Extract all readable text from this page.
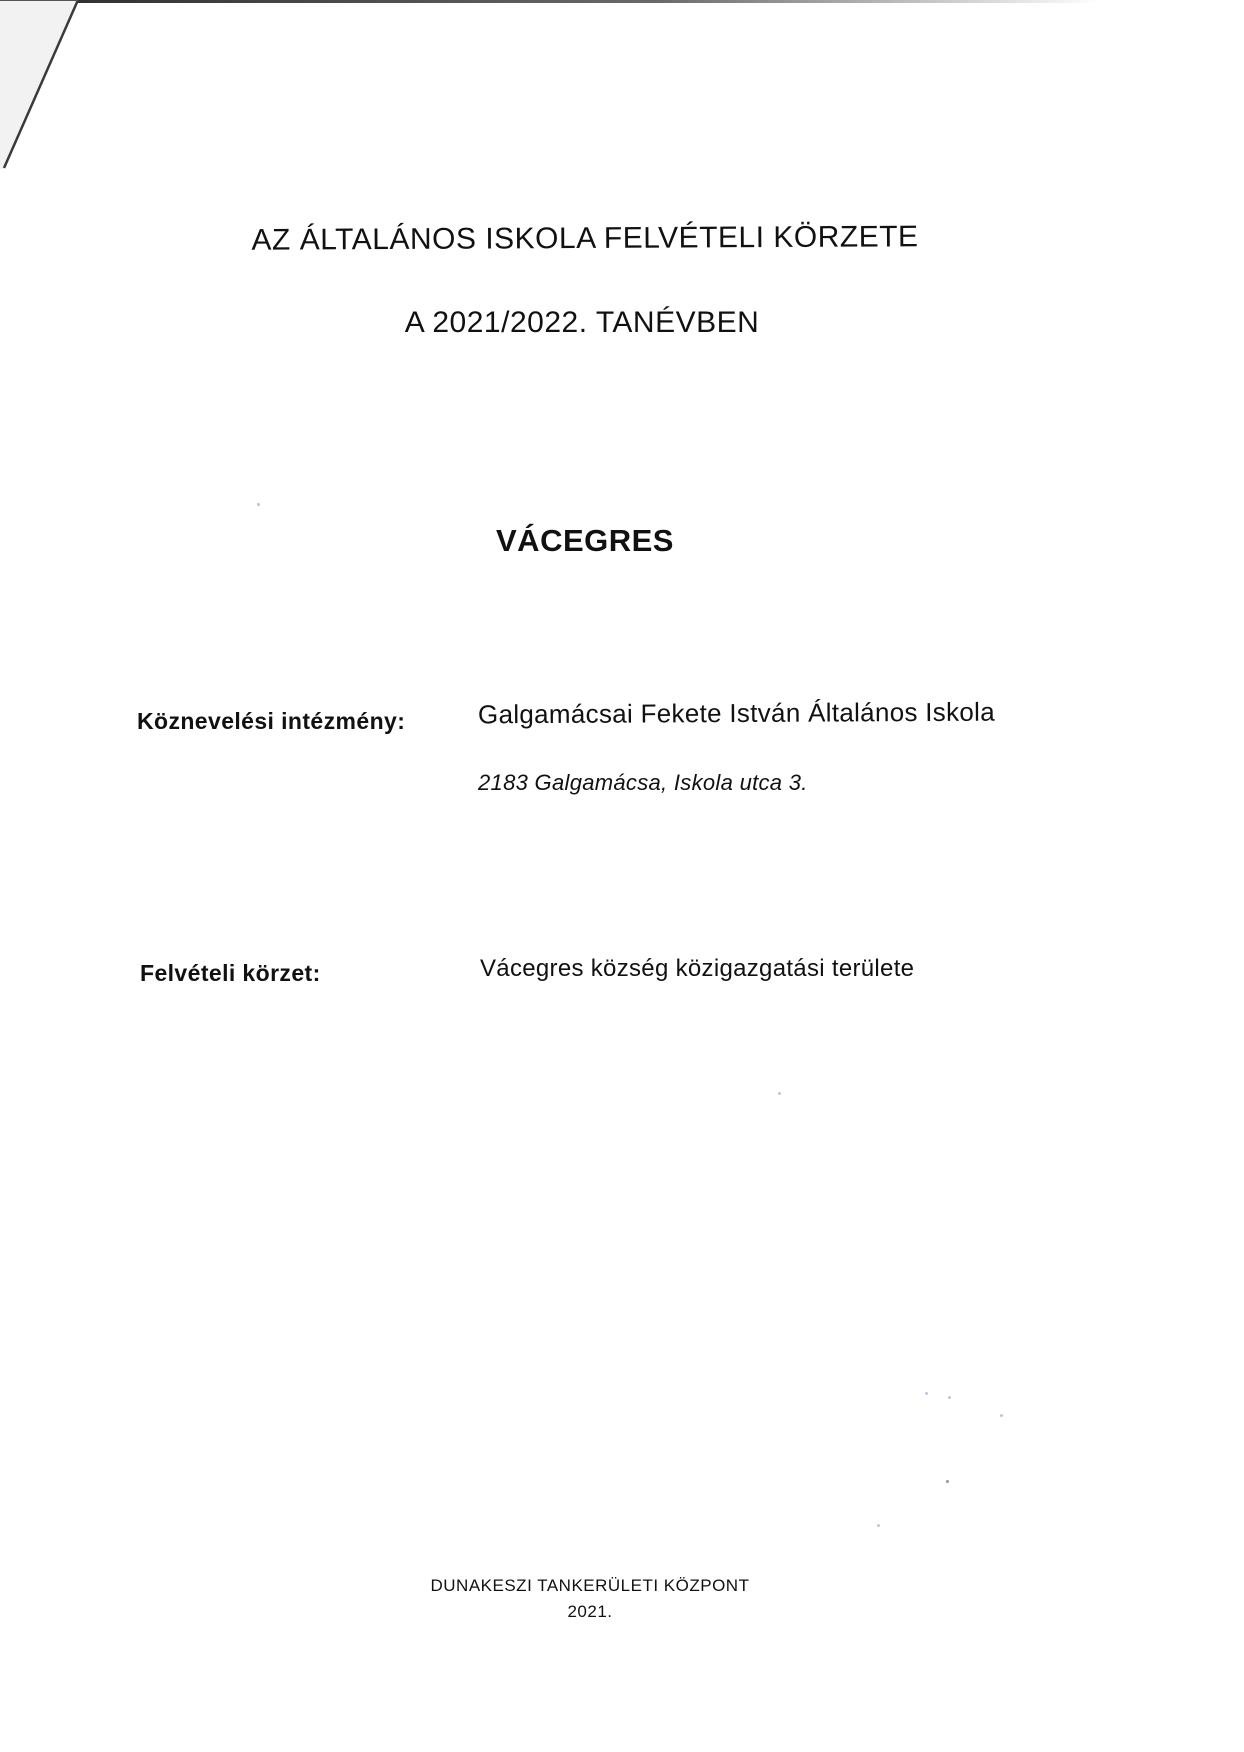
AZ ÁLTALÁNOS ISKOLA FELVÉTELI KÖRZETE
A 2021/2022. TANÉVBEN
VÁCEGRES
Köznevelési intézmény:	Galgamácsai Fekete István Általános Iskola
2183 Galgamácsa, Iskola utca 3.
Felvételi körzet:	Vácegres község közigazgatási területe
DUNAKESZI TANKERÜLETI KÖZPONT
2021.
